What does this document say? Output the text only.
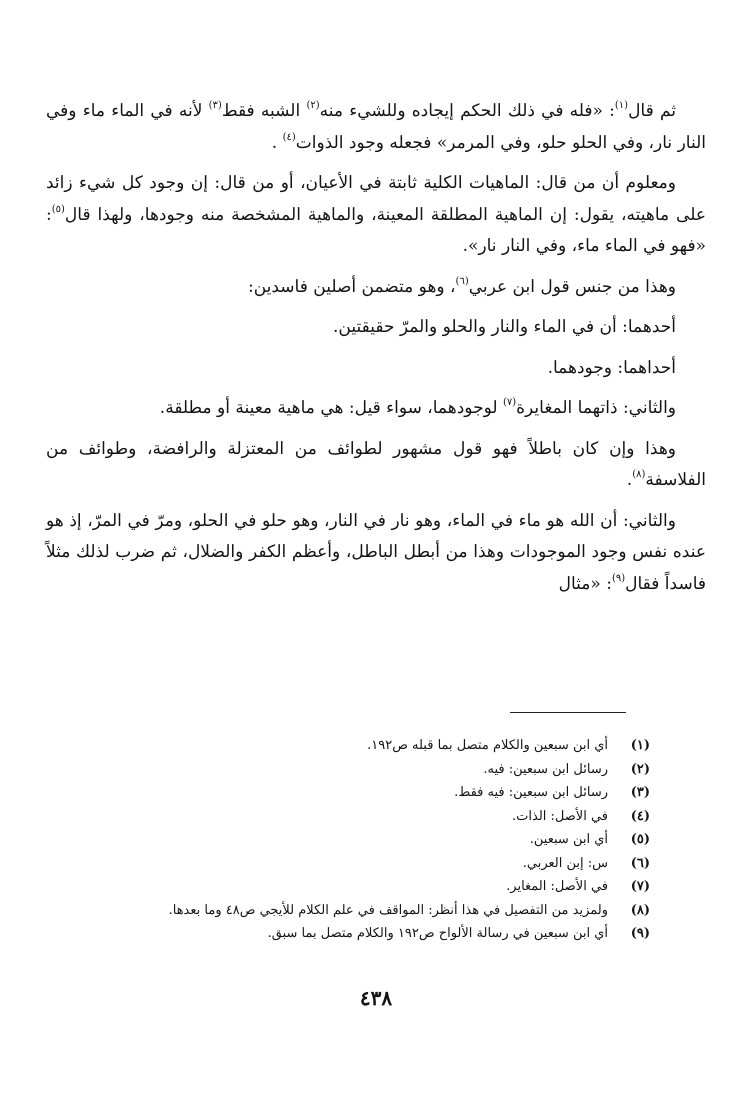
ثم قال$^{(١)}$: «فله في ذلك الحكم إيجاده وللشيء منه$^{(٢)}$ الشبه فقط$^{(٣)}$ لأنه في الماء ماء وفي النار نار، وفي الحلو حلو، وفي المرمر» فجعله وجود الذوات$^{(٤)}$ .

ومعلوم أن من قال: الماهيات الكلية ثابتة في الأعيان، أو من قال: إن وجود كل شيء زائد على ماهيته، يقول: إن الماهية المطلقة المعينة، والماهية المشخصة منه وجودها، ولهذا قال$^{(٥)}$: «فهو في الماء ماء، وفي النار نار».

وهذا من جنس قول ابن عربي$^{(٦)}$، وهو متضمن أصلين فاسدين:

أحدهما: أن في الماء والنار والحلو والمرّ حقيقتين.

أحداهما: وجودهما.

والثاني: ذاتهما المغايرة$^{(٧)}$ لوجودهما، سواء قيل: هي ماهية معينة أو مطلقة.

وهذا وإن كان باطلاً فهو قول مشهور لطوائف من المعتزلة والرافضة، وطوائف من الفلاسفة$^{(٨)}$.

والثاني: أن الله هو ماء في الماء، وهو نار في النار، وهو حلو في الحلو، ومرّ في المرّ، إذ هو عنده نفس وجود الموجودات وهذا من أبطل الباطل، وأعظم الكفر والضلال، ثم ضرب لذلك مثلاً فاسداً فقال$^{(٩)}$: «مثال

(١)
أي ابن سبعين والكلام متصل بما قبله ص١٩٢.
(٢)
رسائل ابن سبعين: فيه.
(٣)
رسائل ابن سبعين: فيه فقط.
(٤)
في الأصل: الذات.
(٥)
أي ابن سبعين.
(٦)
س: إبن العربي.
(٧)
في الأصل: المغاير.
(٨)
ولمزيد من التفصيل في هذا أنظر: المواقف في علم الكلام للأيجي ص٤٨ وما بعدها.
(٩)
أي ابن سبعين في رسالة الألواح ص١٩٢ والكلام متصل بما سبق.
٤٣٨
